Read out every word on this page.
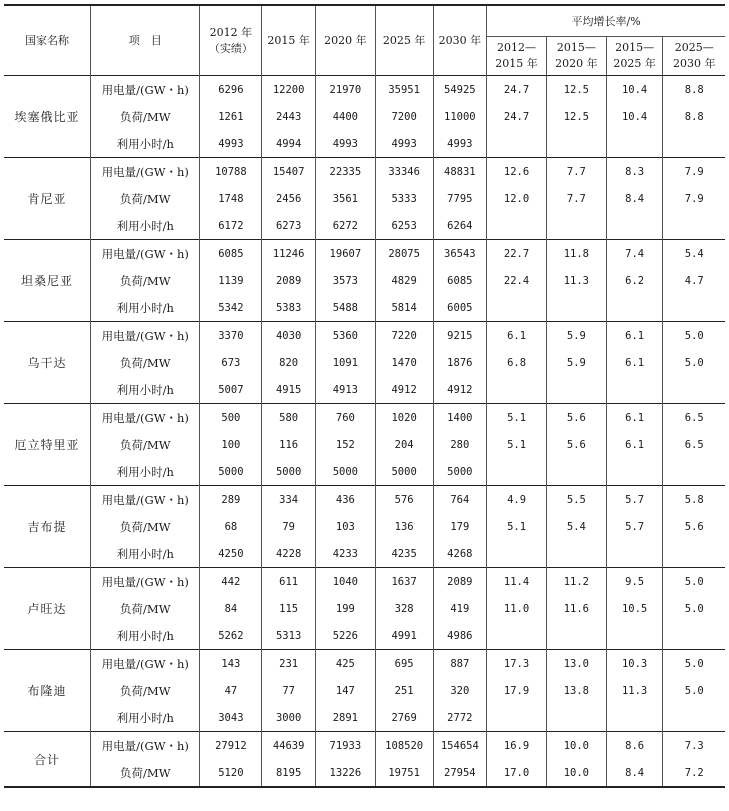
国家名称	项　目	2012 年（实绩）	2015 年	2020 年	2025 年	2030 年	平均增长率/%			
							2012—2015 年	2015—2020 年	2015—2025 年	2025—2030 年
埃塞俄比亚	用电量/(GW・h)	6296	12200	21970	35951	54925	24.7	12.5	10.4	8.8
	负荷/MW	1261	2443	4400	7200	11000	24.7	12.5	10.4	8.8
	利用小时/h	4993	4994	4993	4993	4993				
肯尼亚	用电量/(GW・h)	10788	15407	22335	33346	48831	12.6	7.7	8.3	7.9
	负荷/MW	1748	2456	3561	5333	7795	12.0	7.7	8.4	7.9
	利用小时/h	6172	6273	6272	6253	6264				
坦桑尼亚	用电量/(GW・h)	6085	11246	19607	28075	36543	22.7	11.8	7.4	5.4
	负荷/MW	1139	2089	3573	4829	6085	22.4	11.3	6.2	4.7
	利用小时/h	5342	5383	5488	5814	6005				
乌干达	用电量/(GW・h)	3370	4030	5360	7220	9215	6.1	5.9	6.1	5.0
	负荷/MW	673	820	1091	1470	1876	6.8	5.9	6.1	5.0
	利用小时/h	5007	4915	4913	4912	4912				
厄立特里亚	用电量/(GW・h)	500	580	760	1020	1400	5.1	5.6	6.1	6.5
	负荷/MW	100	116	152	204	280	5.1	5.6	6.1	6.5
	利用小时/h	5000	5000	5000	5000	5000				
吉布提	用电量/(GW・h)	289	334	436	576	764	4.9	5.5	5.7	5.8
	负荷/MW	68	79	103	136	179	5.1	5.4	5.7	5.6
	利用小时/h	4250	4228	4233	4235	4268				
卢旺达	用电量/(GW・h)	442	611	1040	1637	2089	11.4	11.2	9.5	5.0
	负荷/MW	84	115	199	328	419	11.0	11.6	10.5	5.0
	利用小时/h	5262	5313	5226	4991	4986				
布隆迪	用电量/(GW・h)	143	231	425	695	887	17.3	13.0	10.3	5.0
	负荷/MW	47	77	147	251	320	17.9	13.8	11.3	5.0
	利用小时/h	3043	3000	2891	2769	2772				
合计	用电量/(GW・h)	27912	44639	71933	108520	154654	16.9	10.0	8.6	7.3
	负荷/MW	5120	8195	13226	19751	27954	17.0	10.0	8.4	7.2
